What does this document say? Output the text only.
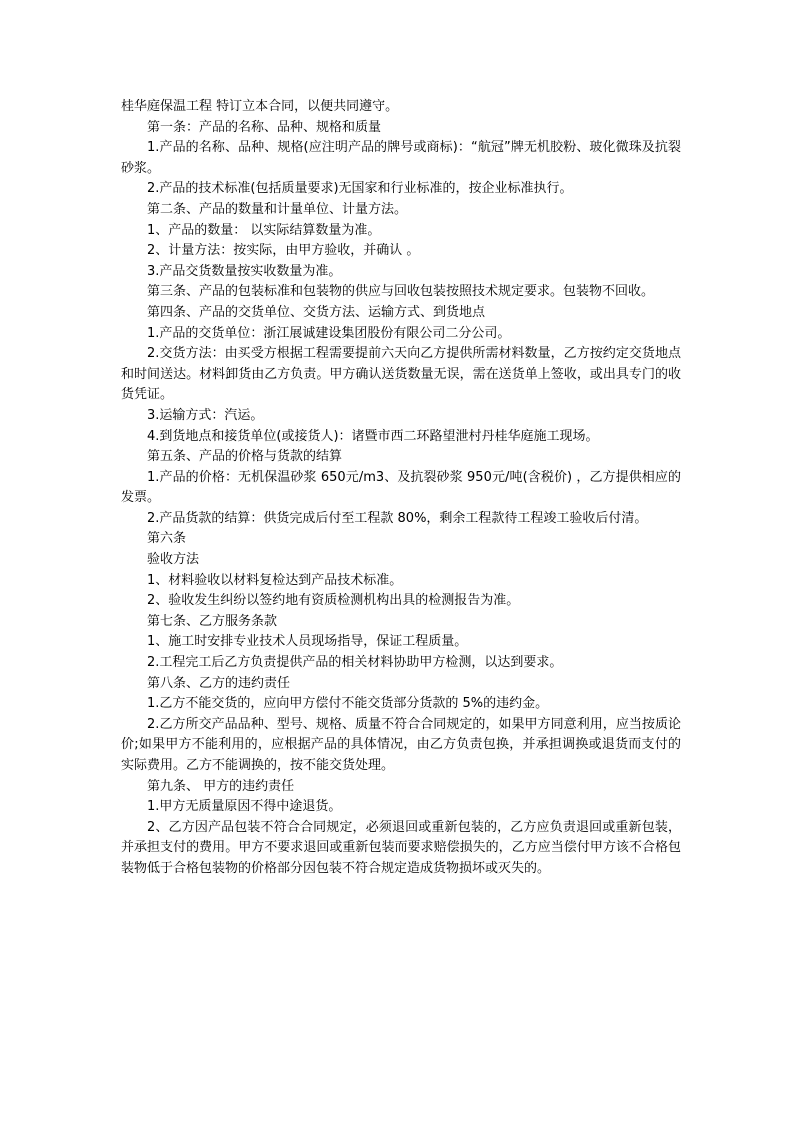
桂华庭保温工程 特订立本合同，以便共同遵守。

第一条：产品的名称、品种、规格和质量

1.产品的名称、品种、规格(应注明产品的牌号或商标)：“航冠”牌无机胶粉、玻化微珠及抗裂砂浆。

2.产品的技术标准(包括质量要求)无国家和行业标准的，按企业标准执行。

第二条、产品的数量和计量单位、计量方法。

1、产品的数量： 以实际结算数量为准。

2、计量方法：按实际，由甲方验收，并确认 。

3.产品交货数量按实收数量为准。

第三条、产品的包装标准和包装物的供应与回收包装按照技术规定要求。包装物不回收。

第四条、产品的交货单位、交货方法、运输方式、到货地点

1.产品的交货单位：浙江展诚建设集团股份有限公司二分公司。

2.交货方法：由买受方根据工程需要提前六天向乙方提供所需材料数量，乙方按约定交货地点和时间送达。材料卸货由乙方负责。甲方确认送货数量无误，需在送货单上签收，或出具专门的收货凭证。

3.运输方式：汽运。

4.到货地点和接货单位(或接货人)：诸暨市西二环路望泄村丹桂华庭施工现场。

第五条、产品的价格与货款的结算

1.产品的价格：无机保温砂浆 650元/m3、及抗裂砂浆 950元/吨(含税价) ，乙方提供相应的发票。

2.产品货款的结算：供货完成后付至工程款 80%，剩余工程款待工程竣工验收后付清。

第六条

验收方法

1、材料验收以材料复检达到产品技术标准。

2、验收发生纠纷以签约地有资质检测机构出具的检测报告为准。

第七条、乙方服务条款

1、施工时安排专业技术人员现场指导，保证工程质量。

2.工程完工后乙方负责提供产品的相关材料协助甲方检测，以达到要求。

第八条、乙方的违约责任

1.乙方不能交货的，应向甲方偿付不能交货部分货款的 5%的违约金。

2.乙方所交产品品种、型号、规格、质量不符合合同规定的，如果甲方同意利用，应当按质论价;如果甲方不能利用的，应根据产品的具体情况，由乙方负责包换，并承担调换或退货而支付的实际费用。乙方不能调换的，按不能交货处理。

第九条、 甲方的违约责任

1.甲方无质量原因不得中途退货。

2、乙方因产品包装不符合合同规定，必须退回或重新包装的，乙方应负责退回或重新包装，并承担支付的费用。甲方不要求退回或重新包装而要求赔偿损失的，乙方应当偿付甲方该不合格包装物低于合格包装物的价格部分因包装不符合规定造成货物损坏或灭失的。
